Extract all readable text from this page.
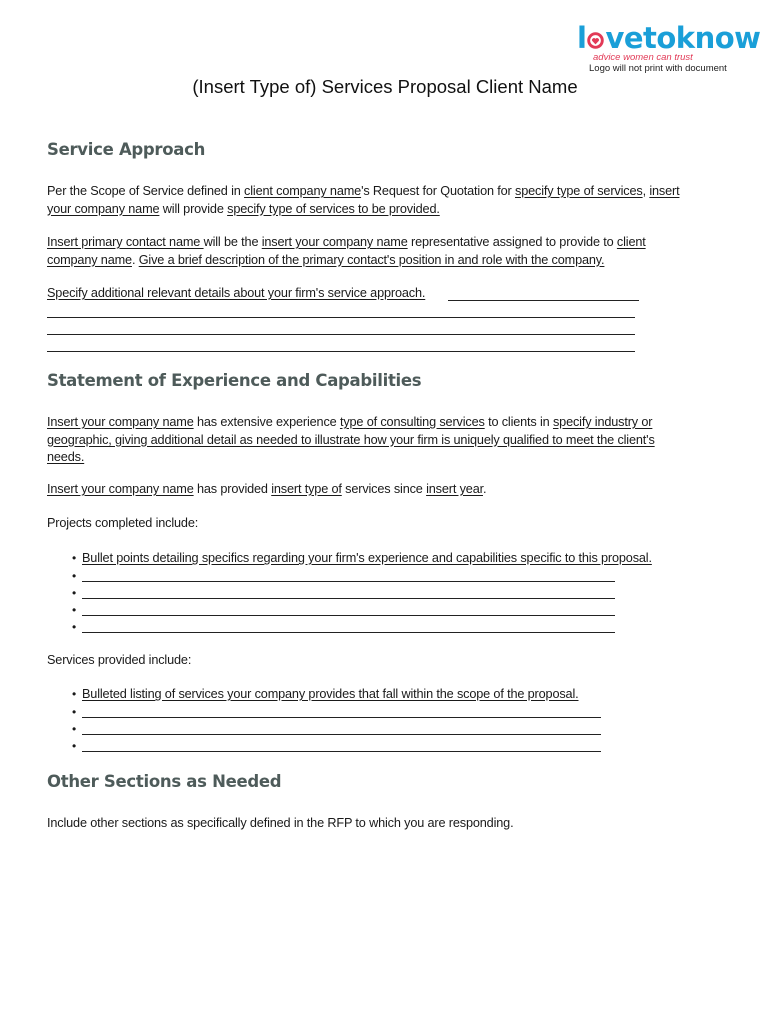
l vetoknow
advice women can trust
Logo will not print with document
(Insert Type of) Services Proposal Client Name
Service Approach
Per the Scope of Service defined in client company name's Request for Quotation for specify type of services, insert
your company name will provide specify type of services to be provided.
Insert primary contact name will be the insert your company name representative assigned to provide to client
company name. Give a brief description of the primary contact's position in and role with the company.
Specify additional relevant details about your firm's service approach.
Statement of Experience and Capabilities
Insert your company name has extensive experience type of consulting services to clients in specify industry or
geographic, giving additional detail as needed to illustrate how your firm is uniquely qualified to meet the client's
needs.
Insert your company name has provided insert type of services since insert year.
Projects completed include:
• Bullet points detailing specifics regarding your firm's experience and capabilities specific to this proposal.
•
•
•
•
Services provided include:
• Bulleted listing of services your company provides that fall within the scope of the proposal.
•
•
•
Other Sections as Needed
Include other sections as specifically defined in the RFP to which you are responding.
